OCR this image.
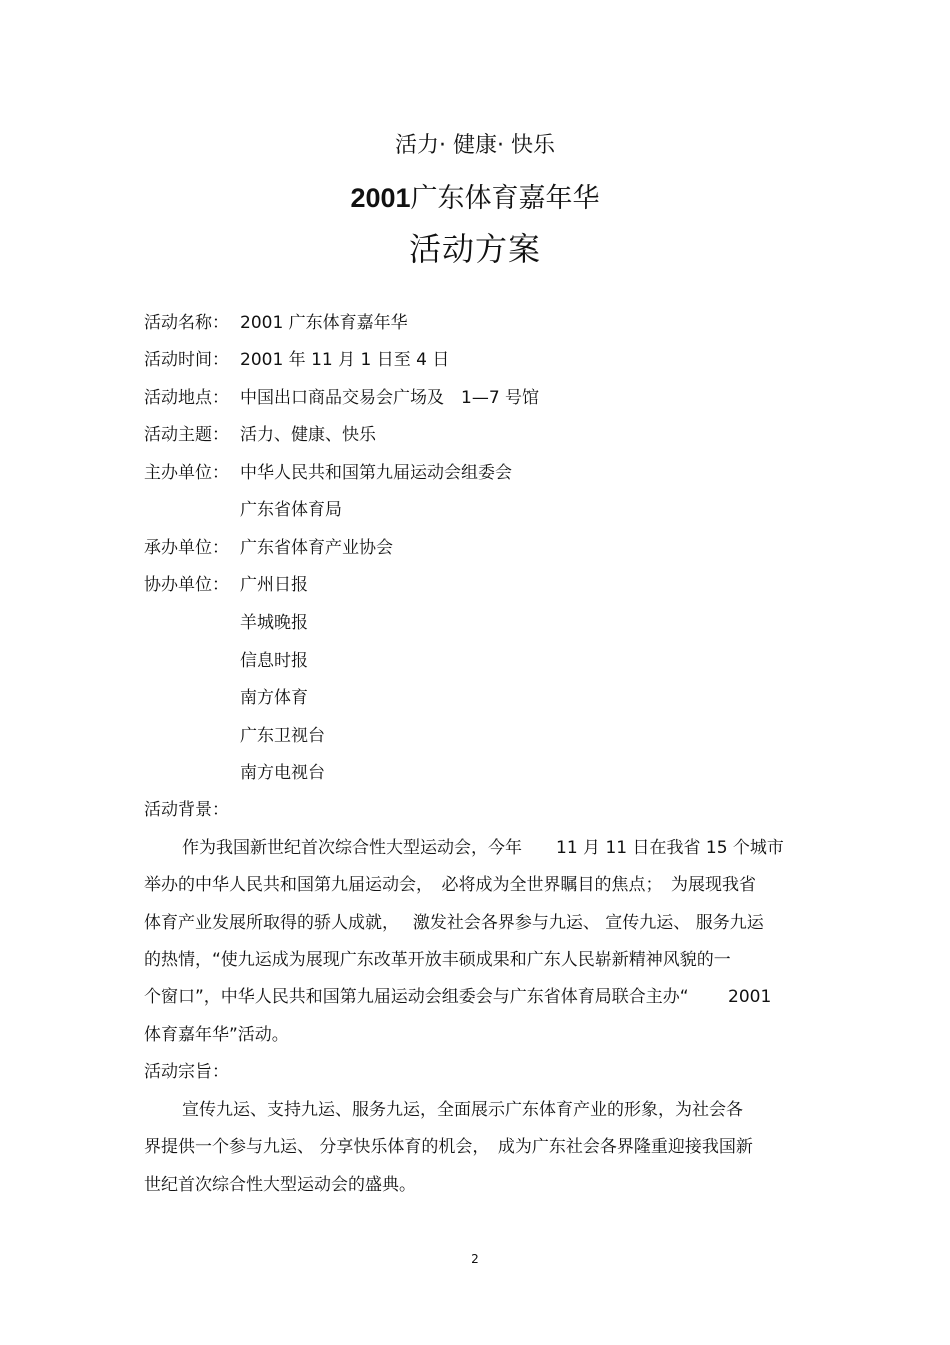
活力· 健康· 快乐
2001广东体育嘉年华
活动方案
活动名称： 2001 广东体育嘉年华
活动时间： 2001 年 11 月 1 日至 4 日
活动地点： 中国出口商品交易会广场及　1—7 号馆
活动主题： 活力、健康、快乐
主办单位： 中华人民共和国第九届运动会组委会
广东省体育局
承办单位： 广东省体育产业协会
协办单位： 广州日报
羊城晚报
信息时报
南方体育
广东卫视台
南方电视台
活动背景：
作为我国新世纪首次综合性大型运动会，今年　　11 月 11 日在我省 15 个城市
举办的中华人民共和国第九届运动会，　必将成为全世界瞩目的焦点；　为展现我省
体育产业发展所取得的骄人成就，　 激发社会各界参与九运、 宣传九运、 服务九运
的热情，“使九运成为展现广东改革开放丰硕成果和广东人民崭新精神风貌的一
个窗口”，中华人民共和国第九届运动会组委会与广东省体育局联合主办“　　 2001
体育嘉年华”活动。
活动宗旨：
宣传九运、支持九运、服务九运，全面展示广东体育产业的形象，为社会各
界提供一个参与九运、 分享快乐体育的机会，　成为广东社会各界隆重迎接我国新
世纪首次综合性大型运动会的盛典。
2
